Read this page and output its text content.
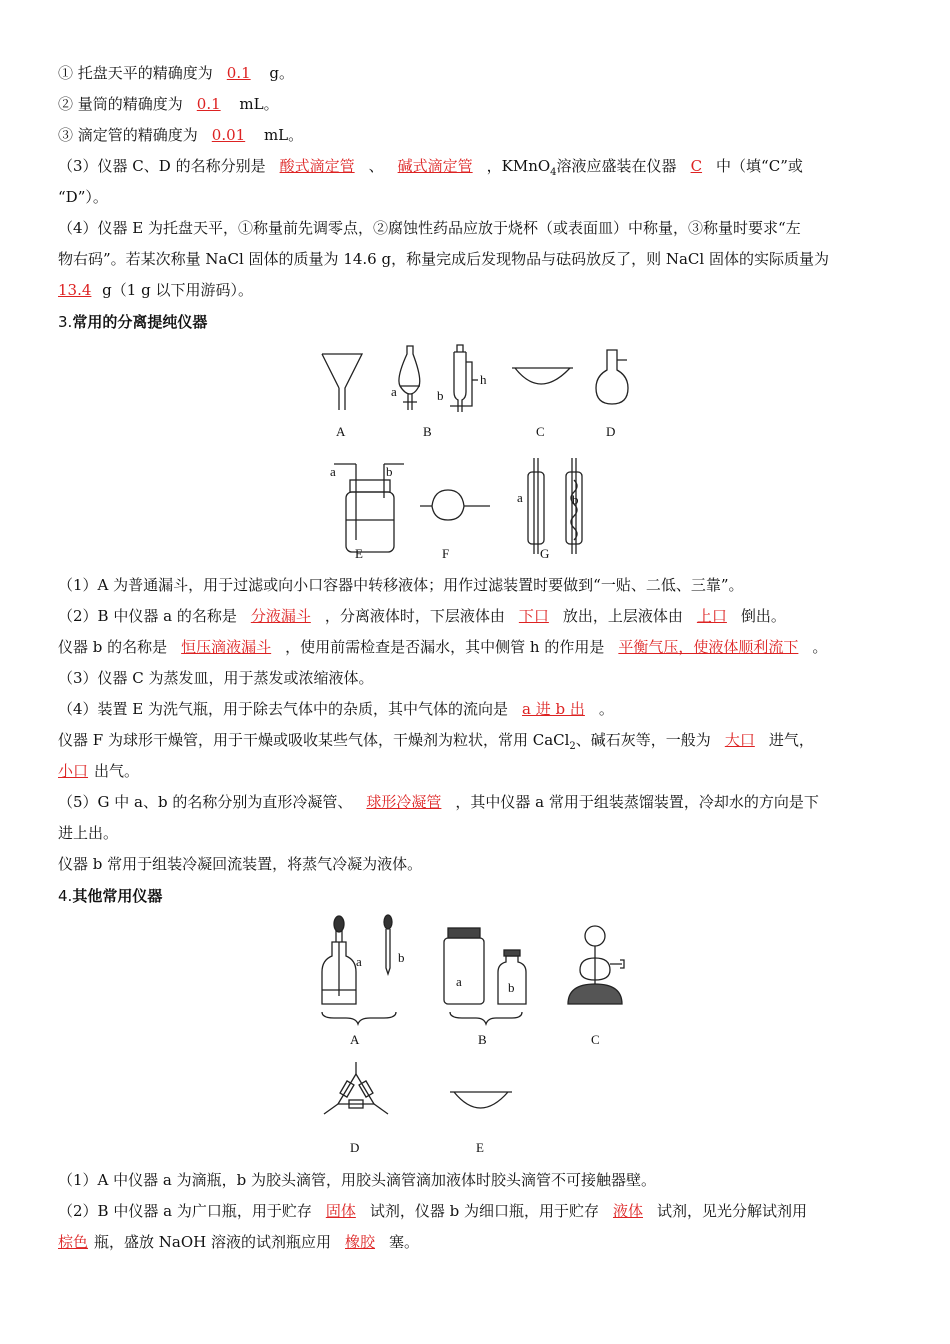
① 托盘天平的精确度为 0.1 g。
② 量筒的精确度为 0.1 mL。
③ 滴定管的精确度为 0.01 mL。
（3）仪器 C、D 的名称分别是 酸式滴定管 、 碱式滴定管 ，KMnO$_4$溶液应盛装在仪器 C 中（填“C”或
“D”）。
（4）仪器 E 为托盘天平，①称量前先调零点，②腐蚀性药品应放于烧杯（或表面皿）中称量，③称量时要求“左
物右码”。若某次称量 NaCl 固体的质量为 14.6 g，称量完成后发现物品与砝码放反了，则 NaCl 固体的实际质量为
13.4 g（1 g 以下用游码）。
3.常用的分离提纯仪器
A	B	C	D
a	b
h
a	b
a	b
E	F	G
（1）A 为普通漏斗，用于过滤或向小口容器中转移液体；用作过滤装置时要做到“一贴、二低、三靠”。
（2）B 中仪器 a 的名称是 分液漏斗 ，分离液体时，下层液体由 下口 放出，上层液体由 上口 倒出。
仪器 b 的名称是 恒压滴液漏斗 ，使用前需检查是否漏水，其中侧管 h 的作用是 平衡气压，使液体顺利流下 。
（3）仪器 C 为蒸发皿，用于蒸发或浓缩液体。
（4）装置 E 为洗气瓶，用于除去气体中的杂质，其中气体的流向是 a 进 b 出 。
仪器 F 为球形干燥管，用于干燥或吸收某些气体，干燥剂为粒状，常用 CaCl$_2$、碱石灰等，一般为 大口 进气，
小口 出气。
（5）G 中 a、b 的名称分别为直形冷凝管、 球形冷凝管 ，其中仪器 a 常用于组装蒸馏装置，冷却水的方向是下
进上出。
仪器 b 常用于组装冷凝回流装置，将蒸气冷凝为液体。
4.其他常用仪器
a	b
a	b
A	B	C
D	E
（1）A 中仪器 a 为滴瓶，b 为胶头滴管，用胶头滴管滴加液体时胶头滴管不可接触器壁。
（2）B 中仪器 a 为广口瓶，用于贮存 固体 试剂，仪器 b 为细口瓶，用于贮存 液体 试剂，见光分解试剂用
棕色 瓶，盛放 NaOH 溶液的试剂瓶应用 橡胶 塞。
